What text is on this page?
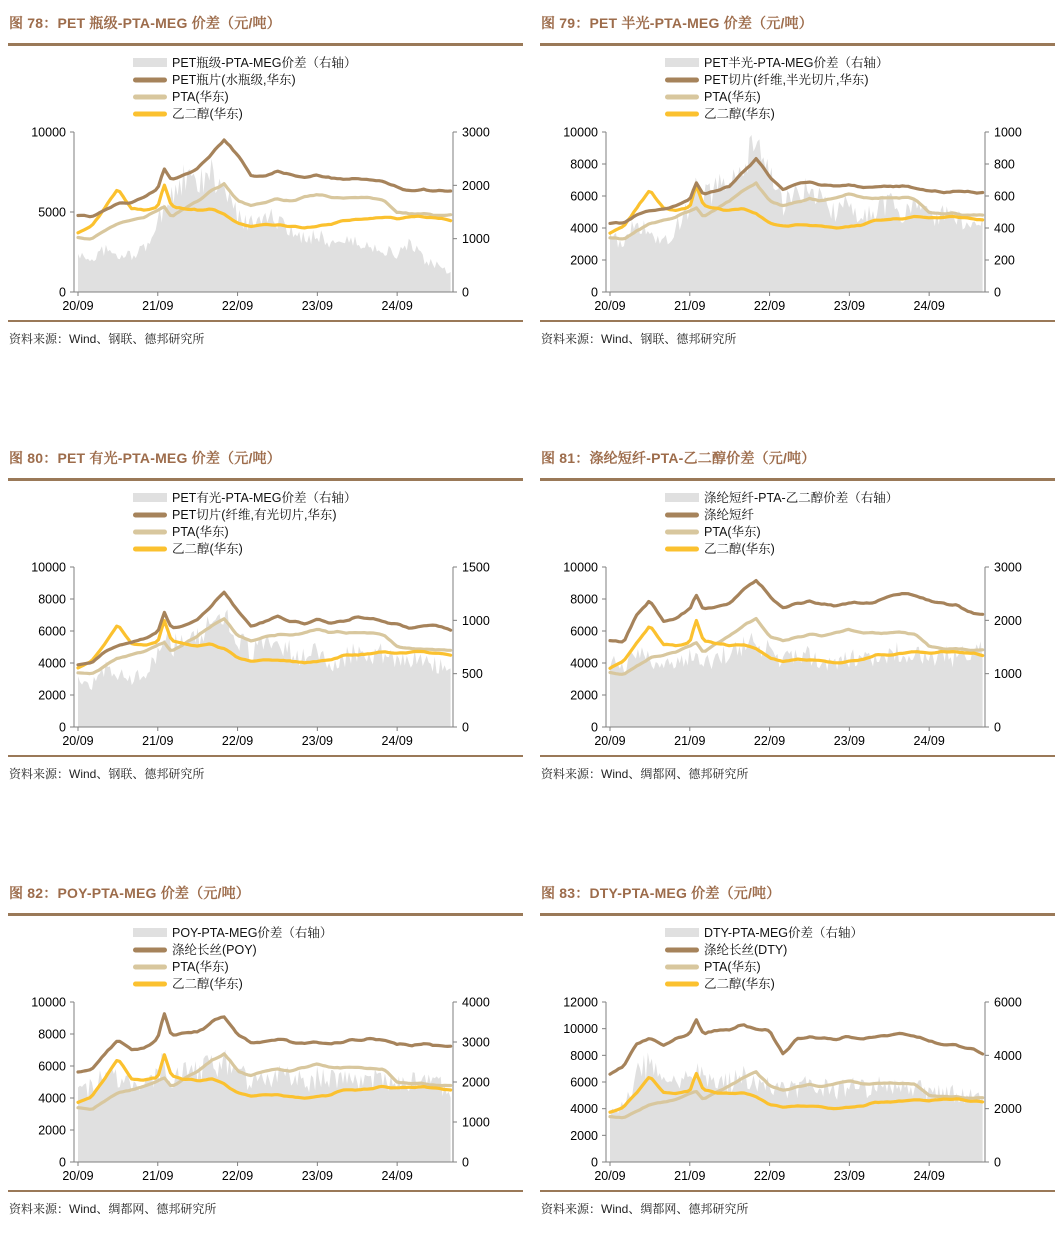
图 78：PET 瓶级-PTA-MEG 价差（元/吨）
PET瓶级-PTA-MEG价差（右轴）
PET瓶片(水瓶级,华东)
PTA(华东)
乙二醇(华东)
0
5000
10000
0
1000
2000
3000
20/09	21/09	22/09	23/09	24/09
资料来源：Wind、钢联、德邦研究所
图 79：PET 半光-PTA-MEG 价差（元/吨）
PET半光-PTA-MEG价差（右轴）
PET切片(纤维,半光切片,华东)
PTA(华东)
乙二醇(华东)
0
2000
4000
6000
8000
10000
0
200
400
600
800
1000
20/09	21/09	22/09	23/09	24/09
资料来源：Wind、钢联、德邦研究所
图 80：PET 有光-PTA-MEG 价差（元/吨）
PET有光-PTA-MEG价差（右轴）
PET切片(纤维,有光切片,华东)
PTA(华东)
乙二醇(华东)
0
2000
4000
6000
8000
10000
0
500
1000
1500
20/09	21/09	22/09	23/09	24/09
资料来源：Wind、钢联、德邦研究所
图 81：涤纶短纤-PTA-乙二醇价差（元/吨）
涤纶短纤-PTA-乙二醇价差（右轴）
涤纶短纤
PTA(华东)
乙二醇(华东)
0
2000
4000
6000
8000
10000
0
1000
2000
3000
20/09	21/09	22/09	23/09	24/09
资料来源：Wind、绸都网、德邦研究所
图 82：POY-PTA-MEG 价差（元/吨）
POY-PTA-MEG价差（右轴）
涤纶长丝(POY)
PTA(华东)
乙二醇(华东)
0
2000
4000
6000
8000
10000
0
1000
2000
3000
4000
20/09	21/09	22/09	23/09	24/09
资料来源：Wind、绸都网、德邦研究所
图 83：DTY-PTA-MEG 价差（元/吨）
DTY-PTA-MEG价差（右轴）
涤纶长丝(DTY)
PTA(华东)
乙二醇(华东)
0
2000
4000
6000
8000
10000
12000
0
2000
4000
6000
20/09	21/09	22/09	23/09	24/09
资料来源：Wind、绸都网、德邦研究所
